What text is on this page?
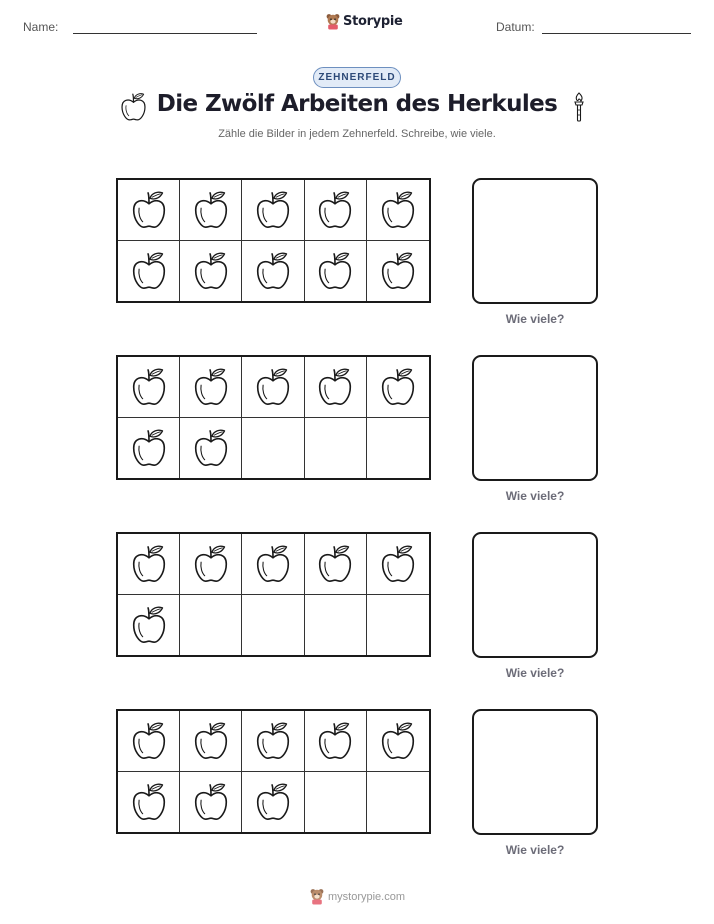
Name:	Storypie	Datum:
ZEHNERFELD
Die Zwölf Arbeiten des Herkules
Zähle die Bilder in jedem Zehnerfeld. Schreibe, wie viele.
Wie viele?
Wie viele?
Wie viele?
Wie viele?
mystorypie.com
